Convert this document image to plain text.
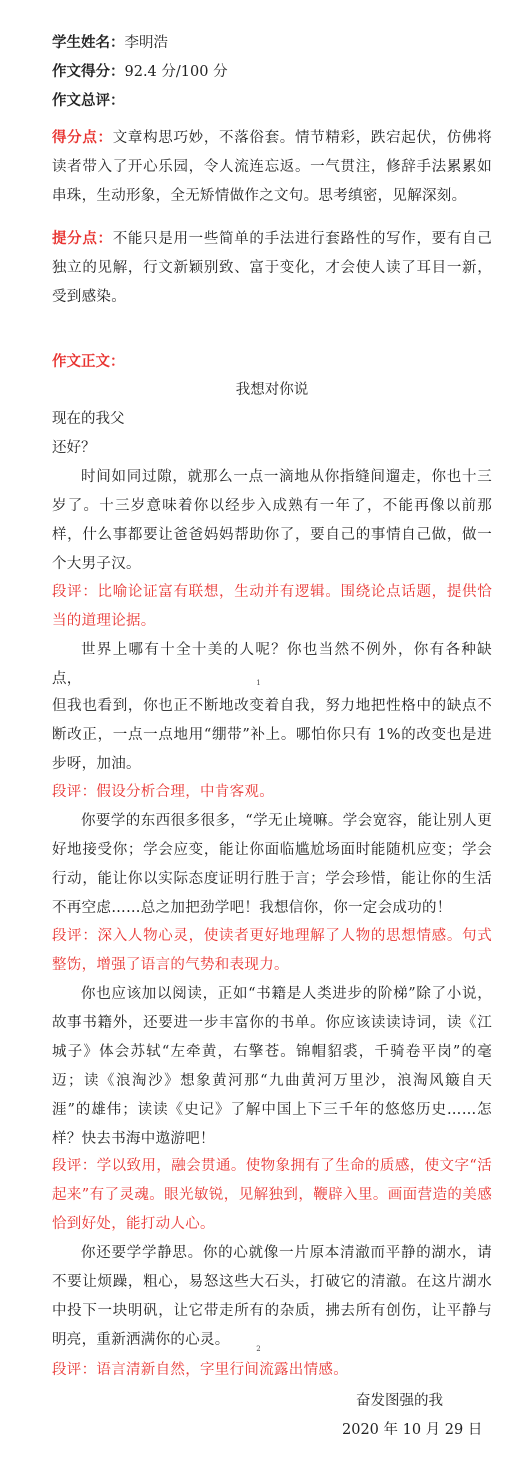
学生姓名：李明浩
作文得分：92.4 分/100 分
作文总评：
得分点：文章构思巧妙，不落俗套。情节精彩，跌宕起伏，仿佛将读者带入了开心乐园，令人流连忘返。一气贯注，修辞手法累累如串珠，生动形象，全无矫情做作之文句。思考缜密，见解深刻。
提分点：不能只是用一些简单的手法进行套路性的写作，要有自己独立的见解，行文新颖别致、富于变化，才会使人读了耳目一新，受到感染。
作文正文：
我想对你说
现在的我父
还好？
时间如同过隙，就那么一点一滴地从你指缝间遛走，你也十三岁了。十三岁意味着你以经步入成熟有一年了，不能再像以前那样，什么事都要让爸爸妈妈帮助你了，要自己的事情自己做，做一个大男子汉。
段评：比喻论证富有联想，生动并有逻辑。围绕论点话题，提供恰当的道理论据。
世界上哪有十全十美的人呢？你也当然不例外，你有各种缺点，	1
但我也看到，你也正不断地改变着自我，努力地把性格中的缺点不断改正，一点一点地用“绷带”补上。哪怕你只有 1%的改变也是进步呀，加油。
段评：假设分析合理，中肯客观。
你要学的东西很多很多，“学无止境嘛。学会宽容，能让别人更好地接受你；学会应变，能让你面临尴尬场面时能随机应变；学会行动，能让你以实际态度证明行胜于言；学会珍惜，能让你的生活不再空虑……总之加把劲学吧！我想信你，你一定会成功的！
段评：深入人物心灵，使读者更好地理解了人物的思想情感。句式整饬，增强了语言的气势和表现力。
你也应该加以阅读，正如“书籍是人类进步的阶梯”除了小说，故事书籍外，还要进一步丰富你的书单。你应该读读诗词，读《江城子》体会苏轼“左牵黄，右擎苍。锦帽貂裘，千骑卷平岗”的毫迈；读《浪淘沙》想象黄河那“九曲黄河万里沙，浪淘风簸自天涯”的雄伟；读读《史记》了解中国上下三千年的悠悠历史……怎样？快去书海中遨游吧！
段评：学以致用，融会贯通。使物象拥有了生命的质感，使文字“活起来”有了灵魂。眼光敏锐，见解独到，鞭辟入里。画面营造的美感恰到好处，能打动人心。
你还要学学静思。你的心就像一片原本清澈而平静的湖水，请不要让烦躁，粗心，易怒这些大石头，打破它的清澈。在这片湖水中投下一块明矾，让它带走所有的杂质，拂去所有创伤，让平静与明亮，重新洒满你的心灵。
2
段评：语言清新自然，字里行间流露出情感。
奋发图强的我
2020 年 10 月 29 日
